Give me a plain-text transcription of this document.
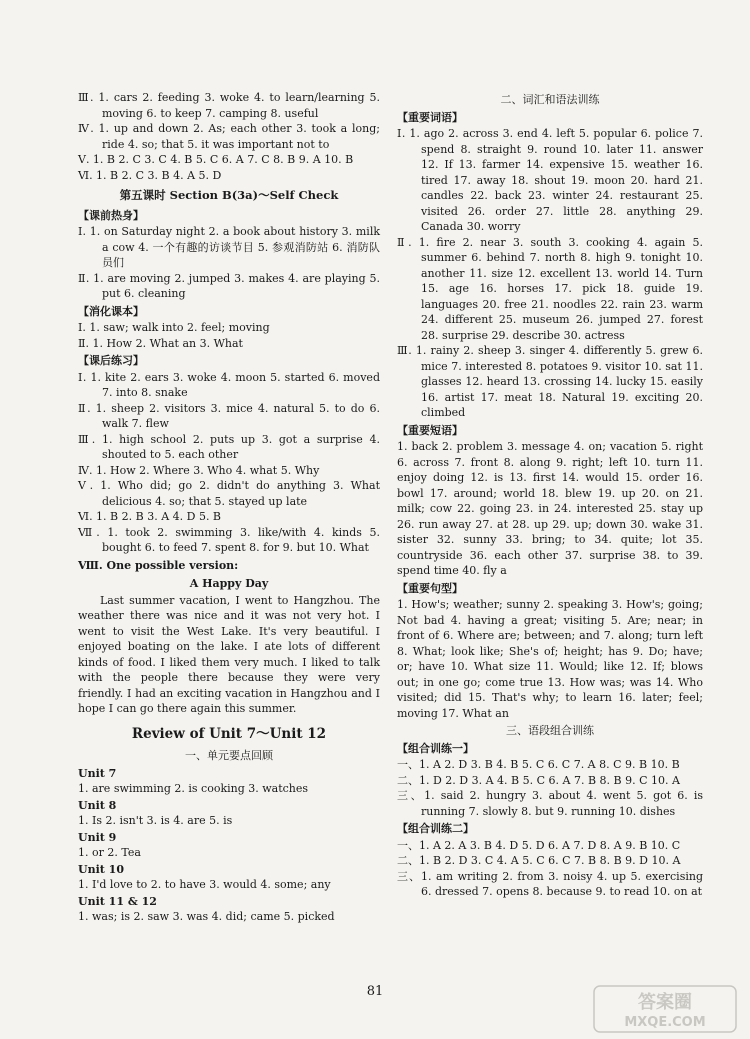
Ⅲ. 1. cars 2. feeding 3. woke 4. to learn/learning 5. moving 6. to keep 7. camping 8. useful

Ⅳ. 1. up and down 2. As; each other 3. took a long; ride 4. so; that 5. it was important not to

Ⅴ. 1. B 2. C 3. C 4. B 5. C 6. A 7. C 8. B 9. A 10. B

Ⅵ. 1. B 2. C 3. B 4. A 5. D

第五课时 Section B(3a)～Self Check

【课前热身】

Ⅰ. 1. on Saturday night 2. a book about history 3. milk a cow 4. 一个有趣的访谈节目 5. 参观消防站 6. 消防队员们

Ⅱ. 1. are moving 2. jumped 3. makes 4. are playing 5. put 6. cleaning

【消化课本】

Ⅰ. 1. saw; walk into 2. feel; moving

Ⅱ. 1. How 2. What an 3. What

【课后练习】

Ⅰ. 1. kite 2. ears 3. woke 4. moon 5. started 6. moved 7. into 8. snake

Ⅱ. 1. sheep 2. visitors 3. mice 4. natural 5. to do 6. walk 7. flew

Ⅲ. 1. high school 2. puts up 3. got a surprise 4. shouted to 5. each other

Ⅳ. 1. How 2. Where 3. Who 4. what 5. Why

Ⅴ. 1. Who did; go 2. didn't do anything 3. What delicious 4. so; that 5. stayed up late

Ⅵ. 1. B 2. B 3. A 4. D 5. B

Ⅶ. 1. took 2. swimming 3. like/with 4. kinds 5. bought 6. to feed 7. spent 8. for 9. but 10. What

Ⅷ. One possible version:

A Happy Day

Last summer vacation, I went to Hangzhou. The weather there was nice and it was not very hot. I went to visit the West Lake. It's very beautiful. I enjoyed boating on the lake. I ate lots of different kinds of food. I liked them very much. I liked to talk with the people there because they were very friendly. I had an exciting vacation in Hangzhou and I hope I can go there again this summer.

Review of Unit 7～Unit 12

一、单元要点回顾

Unit 7

1. are swimming 2. is cooking 3. watches

Unit 8

1. Is 2. isn't 3. is 4. are 5. is

Unit 9

1. or 2. Tea

Unit 10

1. I'd love to 2. to have 3. would 4. some; any

Unit 11 & 12

1. was; is 2. saw 3. was 4. did; came 5. picked

二、词汇和语法训练

【重要词语】

Ⅰ. 1. ago 2. across 3. end 4. left 5. popular 6. police 7. spend 8. straight 9. round 10. later 11. answer 12. If 13. farmer 14. expensive 15. weather 16. tired 17. away 18. shout 19. moon 20. hard 21. candles 22. back 23. winter 24. restaurant 25. visited 26. order 27. little 28. anything 29. Canada 30. worry

Ⅱ. 1. fire 2. near 3. south 3. cooking 4. again 5. summer 6. behind 7. north 8. high 9. tonight 10. another 11. size 12. excellent 13. world 14. Turn 15. age 16. horses 17. pick 18. guide 19. languages 20. free 21. noodles 22. rain 23. warm 24. different 25. museum 26. jumped 27. forest 28. surprise 29. describe 30. actress

Ⅲ. 1. rainy 2. sheep 3. singer 4. differently 5. grew 6. mice 7. interested 8. potatoes 9. visitor 10. sat 11. glasses 12. heard 13. crossing 14. lucky 15. easily 16. artist 17. meat 18. Natural 19. exciting 20. climbed

【重要短语】

1. back 2. problem 3. message 4. on; vacation 5. right 6. across 7. front 8. along 9. right; left 10. turn 11. enjoy doing 12. is 13. first 14. would 15. order 16. bowl 17. around; world 18. blew 19. up 20. on 21. milk; cow 22. going 23. in 24. interested 25. stay up 26. run away 27. at 28. up 29. up; down 30. wake 31. sister 32. sunny 33. bring; to 34. quite; lot 35. countryside 36. each other 37. surprise 38. to 39. spend time 40. fly a

【重要句型】

1. How's; weather; sunny 2. speaking 3. How's; going; Not bad 4. having a great; visiting 5. Are; near; in front of 6. Where are; between; and 7. along; turn left 8. What; look like; She's of; height; has 9. Do; have; or; have 10. What size 11. Would; like 12. If; blows out; in one go; come true 13. How was; was 14. Who visited; did 15. That's why; to learn 16. later; feel; moving 17. What an

三、语段组合训练

【组合训练一】

一、1. A 2. D 3. B 4. B 5. C 6. C 7. A 8. C 9. B 10. B

二、1. D 2. D 3. A 4. B 5. C 6. A 7. B 8. B 9. C 10. A

三、1. said 2. hungry 3. about 4. went 5. got 6. is running 7. slowly 8. but 9. running 10. dishes

【组合训练二】

一、1. A 2. A 3. B 4. D 5. D 6. A 7. D 8. A 9. B 10. C

二、1. B 2. D 3. C 4. A 5. C 6. C 7. B 8. B 9. D 10. A

三、1. am writing 2. from 3. noisy 4. up 5. exercising 6. dressed 7. opens 8. because 9. to read 10. on at

81
答案圈
MXQE.COM
